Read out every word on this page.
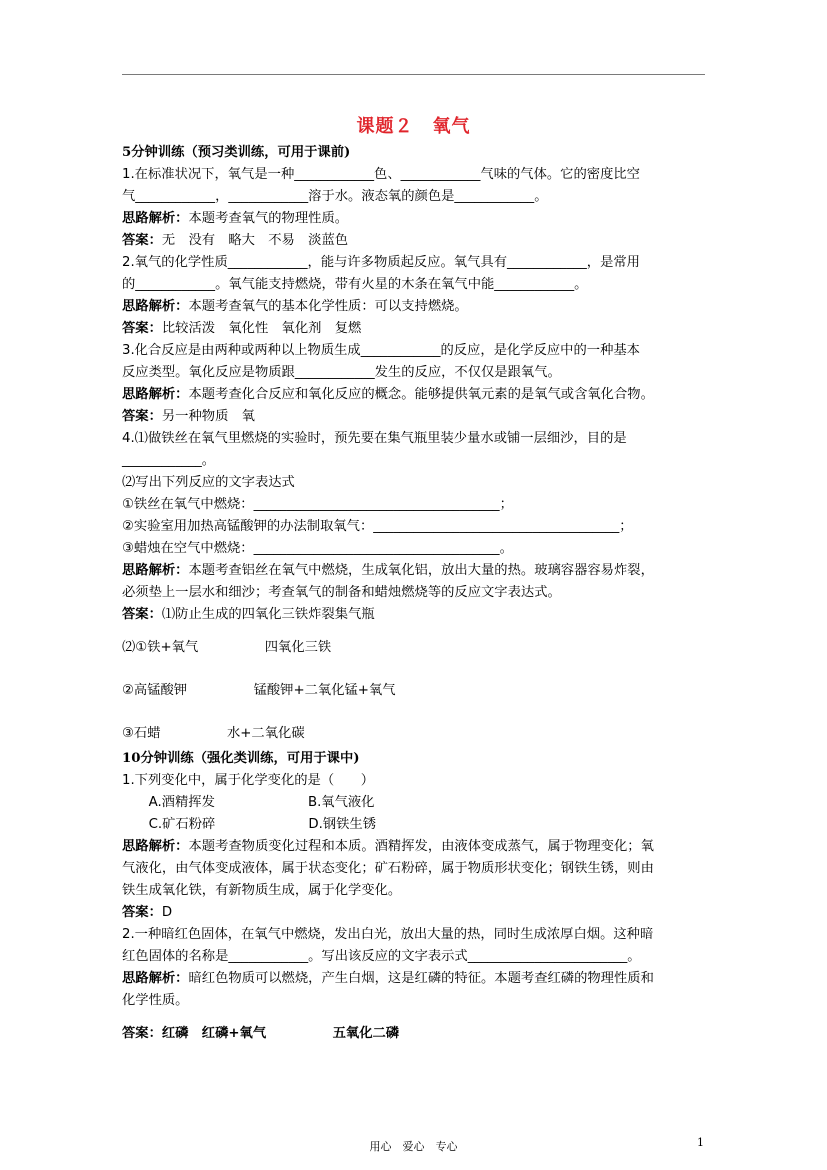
课题２　氧气
5分钟训练（预习类训练，可用于课前)
1.在标准状况下，氧气是一种____________色、____________气味的气体。它的密度比空
气____________，____________溶于水。液态氧的颜色是____________。
思路解析：本题考查氧气的物理性质。
答案：无　没有　略大　不易　淡蓝色
2.氧气的化学性质____________，能与许多物质起反应。氧气具有____________，是常用
的____________。氧气能支持燃烧，带有火星的木条在氧气中能____________。
思路解析：本题考查氧气的基本化学性质：可以支持燃烧。
答案：比较活泼　氧化性　氧化剂　复燃
3.化合反应是由两种或两种以上物质生成____________的反应，是化学反应中的一种基本
反应类型。氧化反应是物质跟____________发生的反应，不仅仅是跟氧气。
思路解析：本题考查化合反应和氧化反应的概念。能够提供氧元素的是氧气或含氧化合物。
答案：另一种物质　氧
4.⑴做铁丝在氧气里燃烧的实验时，预先要在集气瓶里装少量水或铺一层细沙，目的是
____________。
⑵写出下列反应的文字表达式
①铁丝在氧气中燃烧：_____________________________________；
②实验室用加热高锰酸钾的办法制取氧气：_____________________________________；
③蜡烛在空气中燃烧：_____________________________________。
思路解析：本题考查铝丝在氧气中燃烧，生成氧化铝，放出大量的热。玻璃容器容易炸裂，
必须垫上一层水和细沙；考查氧气的制备和蜡烛燃烧等的反应文字表达式。
答案：⑴防止生成的四氧化三铁炸裂集气瓶
⑵①铁+氧气　　　　　四氧化三铁
②高锰酸钾　　　　　锰酸钾+二氧化锰+氧气
③石蜡　　　　　水+二氧化碳
10分钟训练（强化类训练，可用于课中)
1.下列变化中，属于化学变化的是（　　）
　　A.酒精挥发　　　　　　　B.氧气液化
　　C.矿石粉碎　　　　　　　D.钢铁生锈
思路解析：本题考查物质变化过程和本质。酒精挥发，由液体变成蒸气，属于物理变化；氧
气液化，由气体变成液体，属于状态变化；矿石粉碎，属于物质形状变化；钢铁生锈，则由
铁生成氧化铁，有新物质生成，属于化学变化。
答案：D
2.一种暗红色固体，在氧气中燃烧，发出白光，放出大量的热，同时生成浓厚白烟。这种暗
红色固体的名称是____________。写出该反应的文字表示式________________________。
思路解析：暗红色物质可以燃烧，产生白烟，这是红磷的特征。本题考查红磷的物理性质和
化学性质。
答案：红磷　红磷+氧气　　　　　五氧化二磷
用心　爱心　专心	1
